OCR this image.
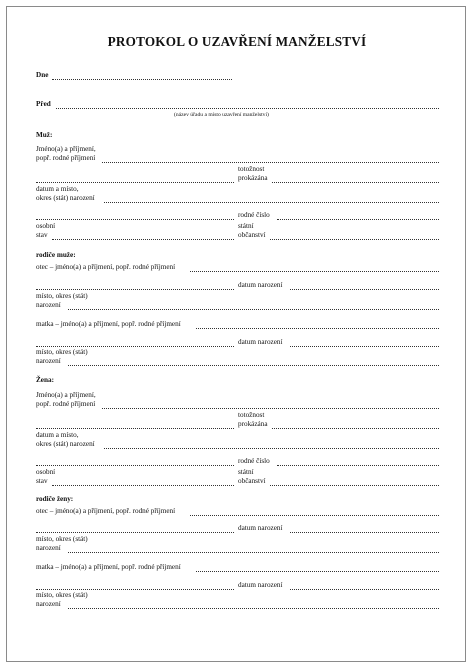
PROTOKOL O UZAVŘENÍ MANŽELSTVÍ
Dne
Před
(název úřadu a místo uzavření manželství)
Muž:
Jméno(a) a příjmení,
popř. rodné příjmení
totožnost
prokázána
datum a místo,
okres (stát) narození
rodné číslo
osobní
stav
státní
občanství
rodiče muže:
otec – jméno(a) a příjmení, popř. rodné příjmení
datum narození
místo, okres (stát)
narození
matka – jméno(a) a příjmení, popř. rodné příjmení
datum narození
místo, okres (stát)
narození
Žena:
Jméno(a) a příjmení,
popř. rodné příjmení
totožnost
prokázána
datum a místo,
okres (stát) narození
rodné číslo
osobní
stav
státní
občanství
rodiče ženy:
otec – jméno(a) a příjmení, popř. rodné příjmení
datum narození
místo, okres (stát)
narození
matka – jméno(a) a příjmení, popř. rodné příjmení
datum narození
místo, okres (stát)
narození
